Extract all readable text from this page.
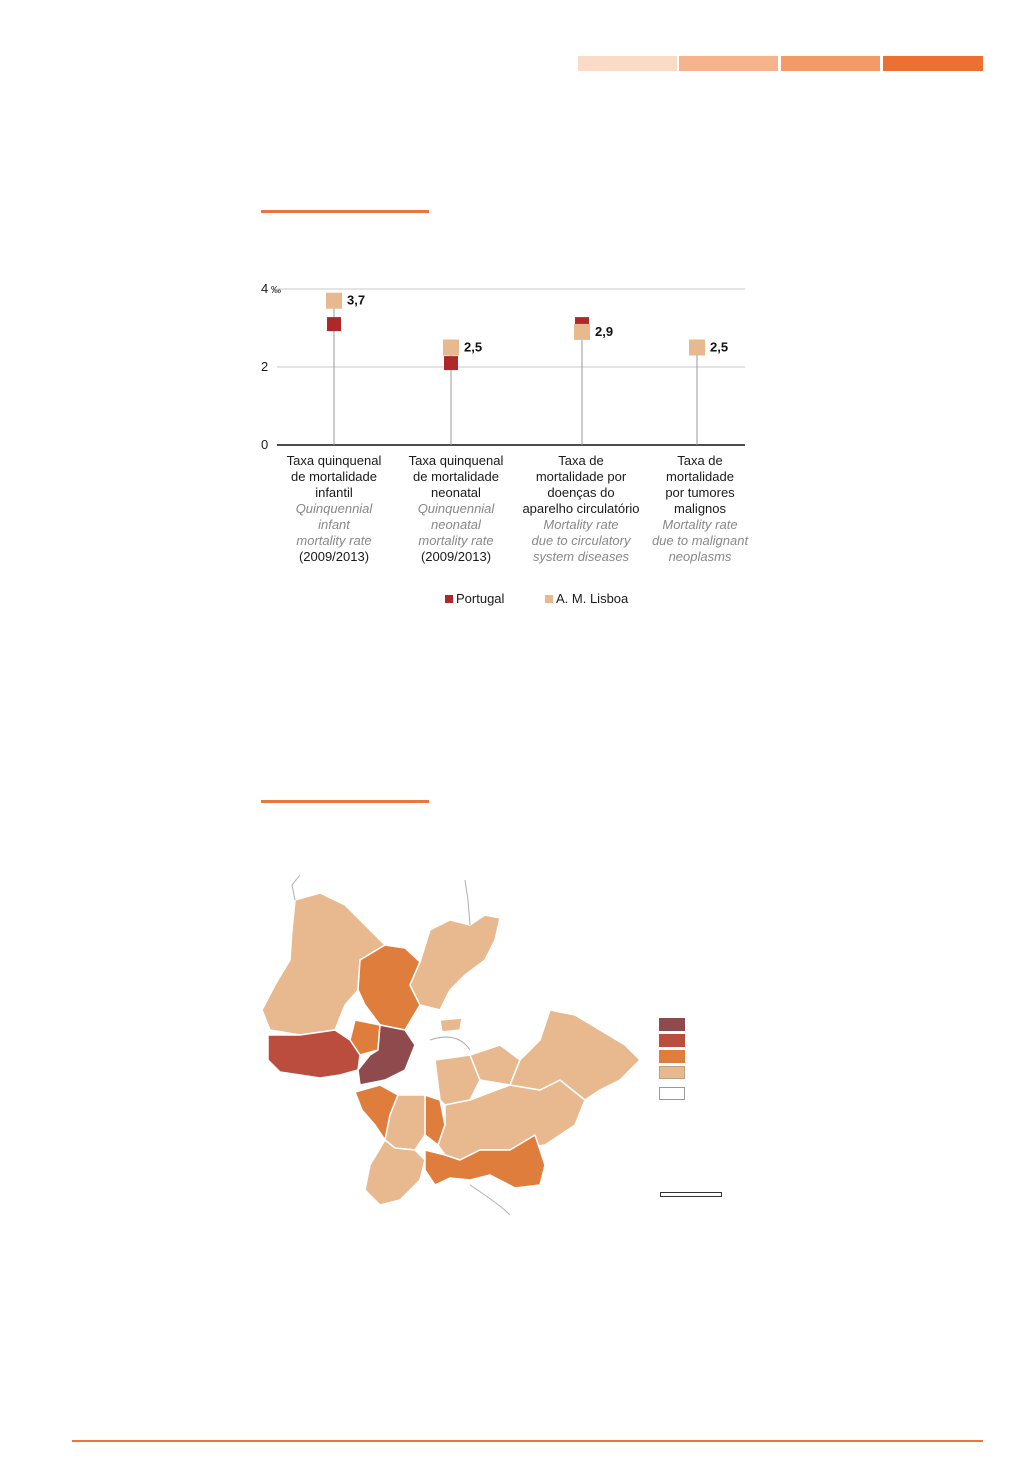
0
2
4 ‰
3,7
2,5
2,9
2,5
Taxa quinquenal
de mortalidade
infantil
Quinquennial
infant
mortality rate
(2009/2013)
Taxa quinquenal
de mortalidade
neonatal
Quinquennial
neonatal
mortality rate
(2009/2013)
Taxa de
mortalidade por
doenças do
aparelho circulatório
Mortality rate
due to circulatory
system diseases
Taxa de
mortalidade
por tumores
malignos
Mortality rate
due to malignant
neoplasms
Portugal	A. M. Lisboa
